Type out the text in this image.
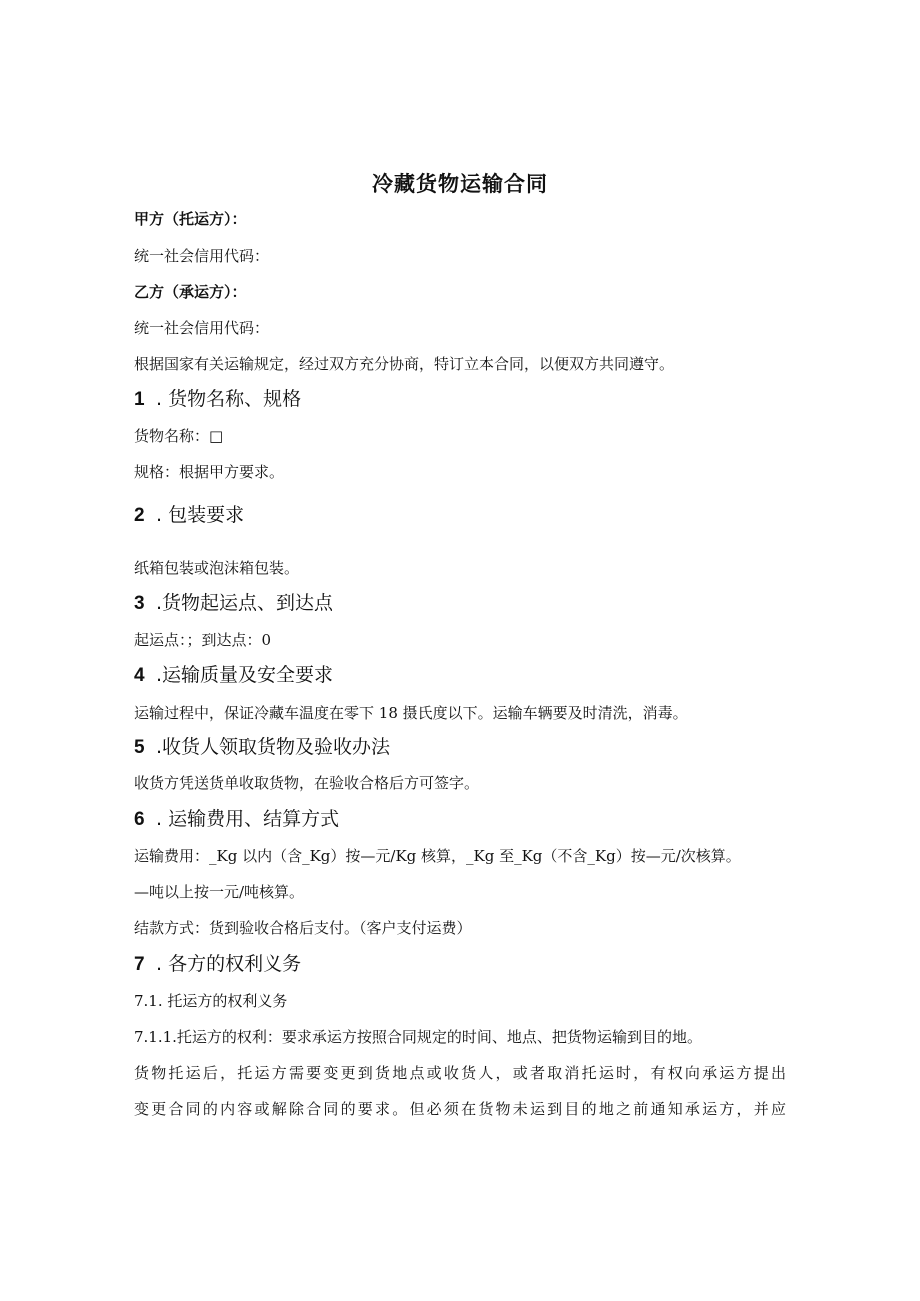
冷藏货物运输合同
甲方（托运方）：
统一社会信用代码：
乙方（承运方）：
统一社会信用代码：
根据国家有关运输规定，经过双方充分协商，特订立本合同，以便双方共同遵守。
1 . 货物名称、规格
货物名称：□
规格：根据甲方要求。
2 . 包装要求
纸箱包装或泡沫箱包装。
3 .货物起运点、到达点
起运点：；到达点：0
4 .运输质量及安全要求
运输过程中，保证冷藏车温度在零下 18 摄氏度以下。运输车辆要及时清洗，消毒。
5 .收货人领取货物及验收办法
收货方凭送货单收取货物，在验收合格后方可签字。
6 . 运输费用、结算方式
运输费用：_Kg 以内（含_Kg）按—元/Kg 核算，_Kg 至_Kg（不含_Kg）按—元/次核算。
—吨以上按一元/吨核算。
结款方式：货到验收合格后支付。（客户支付运费）
7 . 各方的权利义务
7.1. 托运方的权利义务
7.1.1.托运方的权利：要求承运方按照合同规定的时间、地点、把货物运输到目的地。
货物托运后，托运方需要变更到货地点或收货人，或者取消托运时，有权向承运方提出
变更合同的内容或解除合同的要求。但必须在货物未运到目的地之前通知承运方，并应
